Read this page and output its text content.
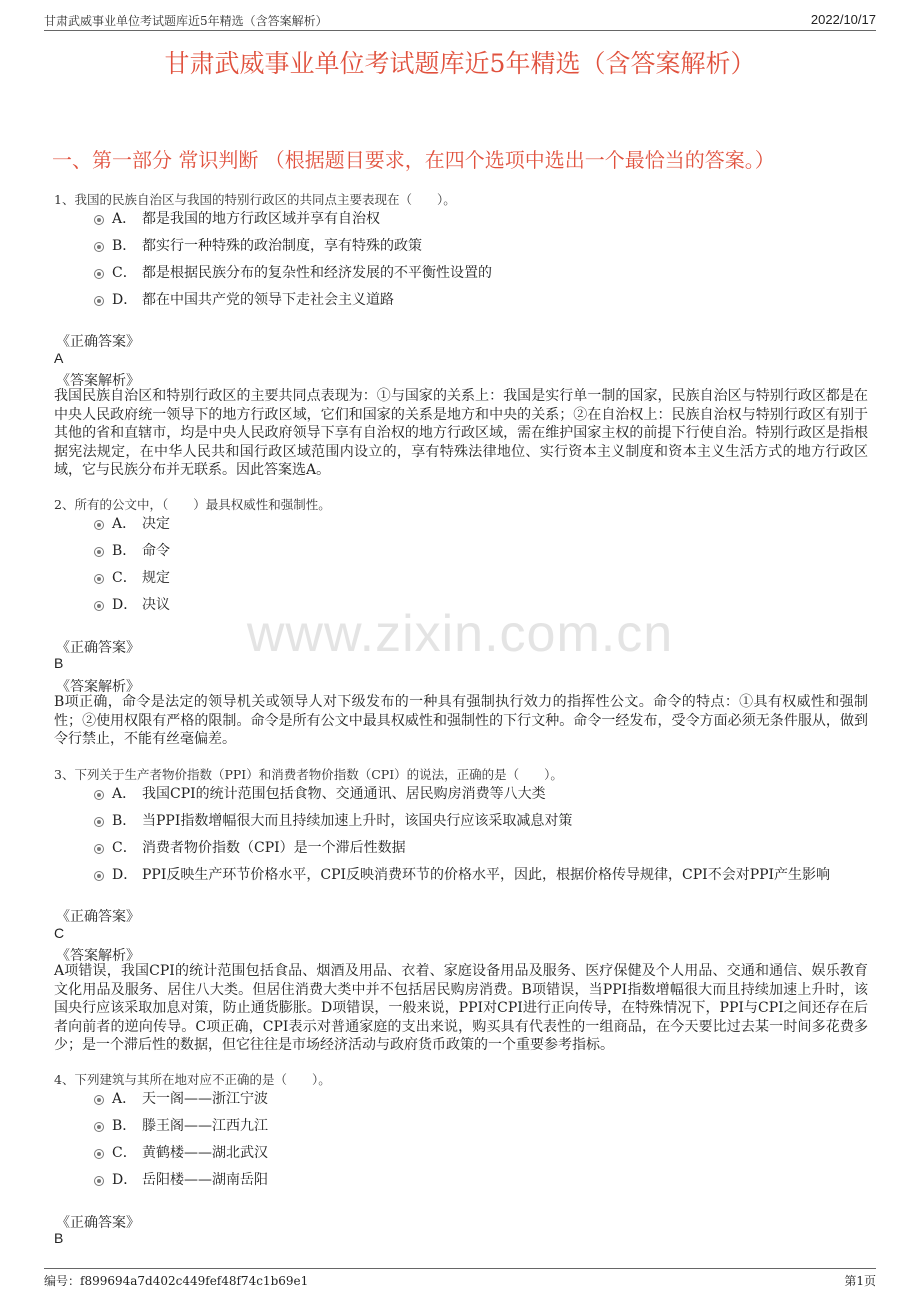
甘肃武威事业单位考试题库近5年精选（含答案解析）	2022/10/17
甘肃武威事业单位考试题库近5年精选（含答案解析）
一、第一部分 常识判断 （根据题目要求，在四个选项中选出一个最恰当的答案。）
www.zixin.com.cn
1、我国的民族自治区与我国的特别行政区的共同点主要表现在（　　）。
A． 都是我国的地方行政区域并享有自治权
B． 都实行一种特殊的政治制度，享有特殊的政策
C． 都是根据民族分布的复杂性和经济发展的不平衡性设置的
D． 都在中国共产党的领导下走社会主义道路
《正确答案》
A
《答案解析》
我国民族自治区和特别行政区的主要共同点表现为：①与国家的关系上：我国是实行单一制的国家，民族自治区与特别行政区都是在中央人民政府统一领导下的地方行政区域，它们和国家的关系是地方和中央的关系；②在自治权上：民族自治权与特别行政区有别于其他的省和直辖市，均是中央人民政府领导下享有自治权的地方行政区域，需在维护国家主权的前提下行使自治。特别行政区是指根据宪法规定，在中华人民共和国行政区域范围内设立的，享有特殊法律地位、实行资本主义制度和资本主义生活方式的地方行政区域，它与民族分布并无联系。因此答案选A。
2、所有的公文中，（　　）最具权威性和强制性。
A． 决定
B． 命令
C． 规定
D． 决议
《正确答案》
B
《答案解析》
B项正确，命令是法定的领导机关或领导人对下级发布的一种具有强制执行效力的指挥性公文。命令的特点：①具有权威性和强制性；②使用权限有严格的限制。命令是所有公文中最具权威性和强制性的下行文种。命令一经发布，受令方面必须无条件服从，做到令行禁止，不能有丝毫偏差。
3、下列关于生产者物价指数（PPI）和消费者物价指数（CPI）的说法，正确的是（　　）。
A． 我国CPI的统计范围包括食物、交通通讯、居民购房消费等八大类
B． 当PPI指数增幅很大而且持续加速上升时，该国央行应该采取减息对策
C． 消费者物价指数（CPI）是一个滞后性数据
D． PPI反映生产环节价格水平，CPI反映消费环节的价格水平，因此，根据价格传导规律，CPI不会对PPI产生影响
《正确答案》
C
《答案解析》
A项错误，我国CPI的统计范围包括食品、烟酒及用品、衣着、家庭设备用品及服务、医疗保健及个人用品、交通和通信、娱乐教育文化用品及服务、居住八大类。但居住消费大类中并不包括居民购房消费。B项错误，当PPI指数增幅很大而且持续加速上升时，该国央行应该采取加息对策，防止通货膨胀。D项错误，一般来说，PPI对CPI进行正向传导，在特殊情况下，PPI与CPI之间还存在后者向前者的逆向传导。C项正确，CPI表示对普通家庭的支出来说，购买具有代表性的一组商品，在今天要比过去某一时间多花费多少；是一个滞后性的数据，但它往往是市场经济活动与政府货币政策的一个重要参考指标。
4、下列建筑与其所在地对应不正确的是（　　）。
A． 天一阁——浙江宁波
B． 滕王阁——江西九江
C． 黄鹤楼——湖北武汉
D． 岳阳楼——湖南岳阳
《正确答案》
B
编号：f899694a7d402c449fef48f74c1b69e1	第1页
